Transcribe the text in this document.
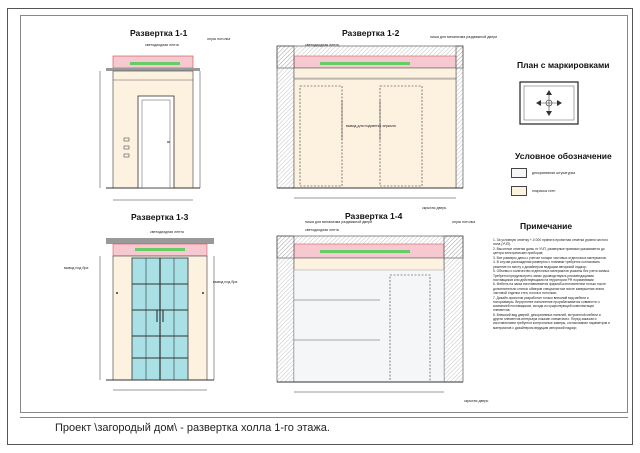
Проект \загородый дом\ - развертка холла 1-го этажа.
Развертка 1-1	Развертка 1-2
Развертка 1-3	Развертка 1-4
светодиодная лента
опуск потолка	ниша для механизма раздвижной двери
светодиодная лента
вывод для подсветки зеркала
скрытая дверь
светодиодная лента
вывод под бра
вывод под бра
ниша для механизма раздвижной двери
светодиодная лента
опуск потолка
скрытая дверь
План с маркировками
Условное обозначение
декоративная штукатурка
покраска стен
Примечание
1. За условную отметку +-0.000 принята проектная отметка уровня чистого пола (УЧП).
2. Высотные отметки даны от УЧП, размерные привязки указываются до центра электрических приборов;
3. Все размеры даны с учетом толщин чистовых отделочных материалов;
4. В случае расхождения разверток с планами требуется согласовать решение по месту с дизайнером ведущим авторский надзор;
5. Объемы и количество отделочных материалов указаны без учета запаса. Требуется предусмотреть запас руководствуясь рекомендациями поставщиков или действующими на территории РФ нормативами
6. Мебель на заказ изготавливается фирмой-изготовителем только после дополнительно снятых обмеров специалистом после завершения этапа чистовой отделки стен, полов и потолков;
7. Дизайн-проектом разработан только внешний вид мебели и типоразмеры. Внутреннее наполнение прорабатывается совместно с компанией поставщиком, исходя из существующей комплектации элементов;
8. Внешний вид дверей, декоративных панелей, встроенной мебели и других элементов интерьера показан схематично. Перед заказом и изготовлением требуется контрольные замеры, согласование параметров и материалов с дизайнером ведущим авторский надзор;
